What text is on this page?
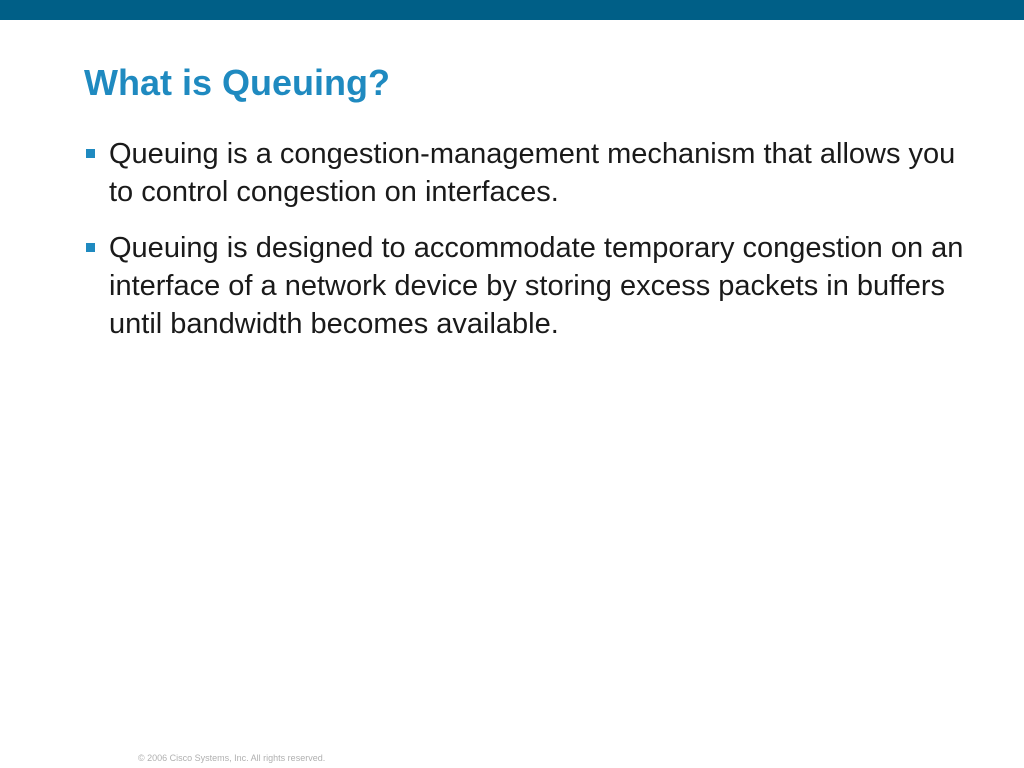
What is Queuing?
Queuing is a congestion-management mechanism that allows you to control congestion on interfaces.
Queuing is designed to accommodate temporary congestion on an interface of a network device by storing excess packets in buffers until bandwidth becomes available.
© 2006 Cisco Systems, Inc. All rights reserved.
